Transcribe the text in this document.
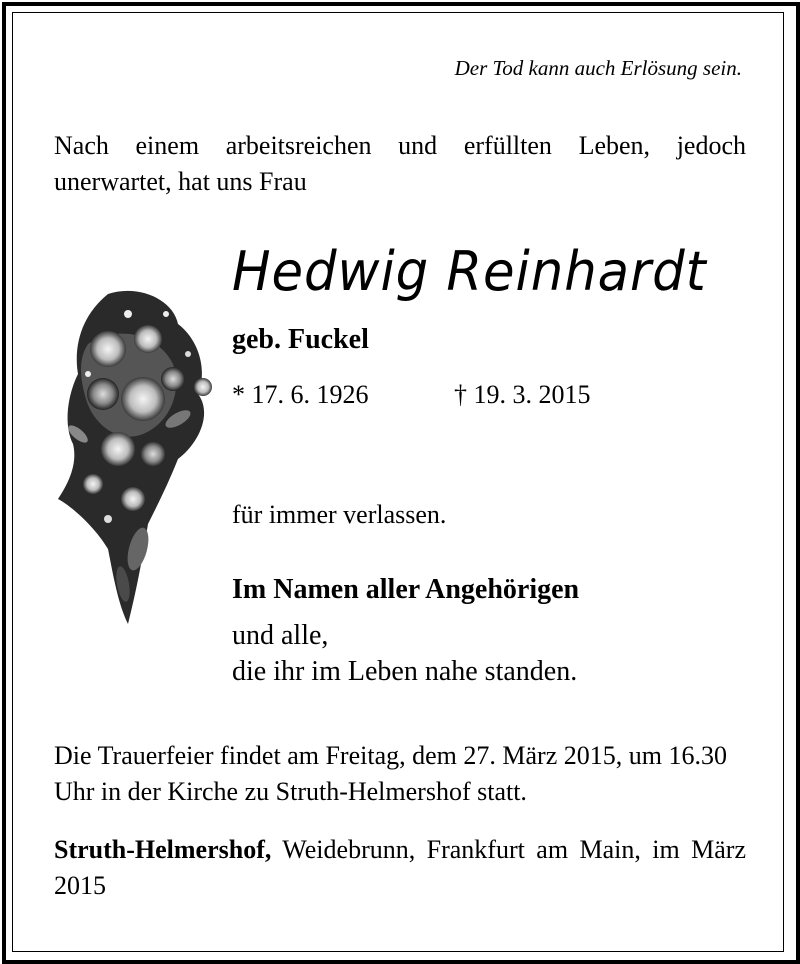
Der Tod kann auch Erlösung sein.
Nach einem arbeitsreichen und erfüllten Leben, jedoch unerwartet, hat uns Frau
Hedwig Reinhardt
geb. Fuckel
* 17. 6. 1926	† 19. 3. 2015
für immer verlassen.
Im Namen aller Angehörigen
und alle,
die ihr im Leben nahe standen.
Die Trauerfeier findet am Freitag, dem 27. März 2015, um 16.30 Uhr in der Kirche zu Struth-Helmershof statt.
Struth-Helmershof, Weidebrunn, Frankfurt am Main, im März 2015
